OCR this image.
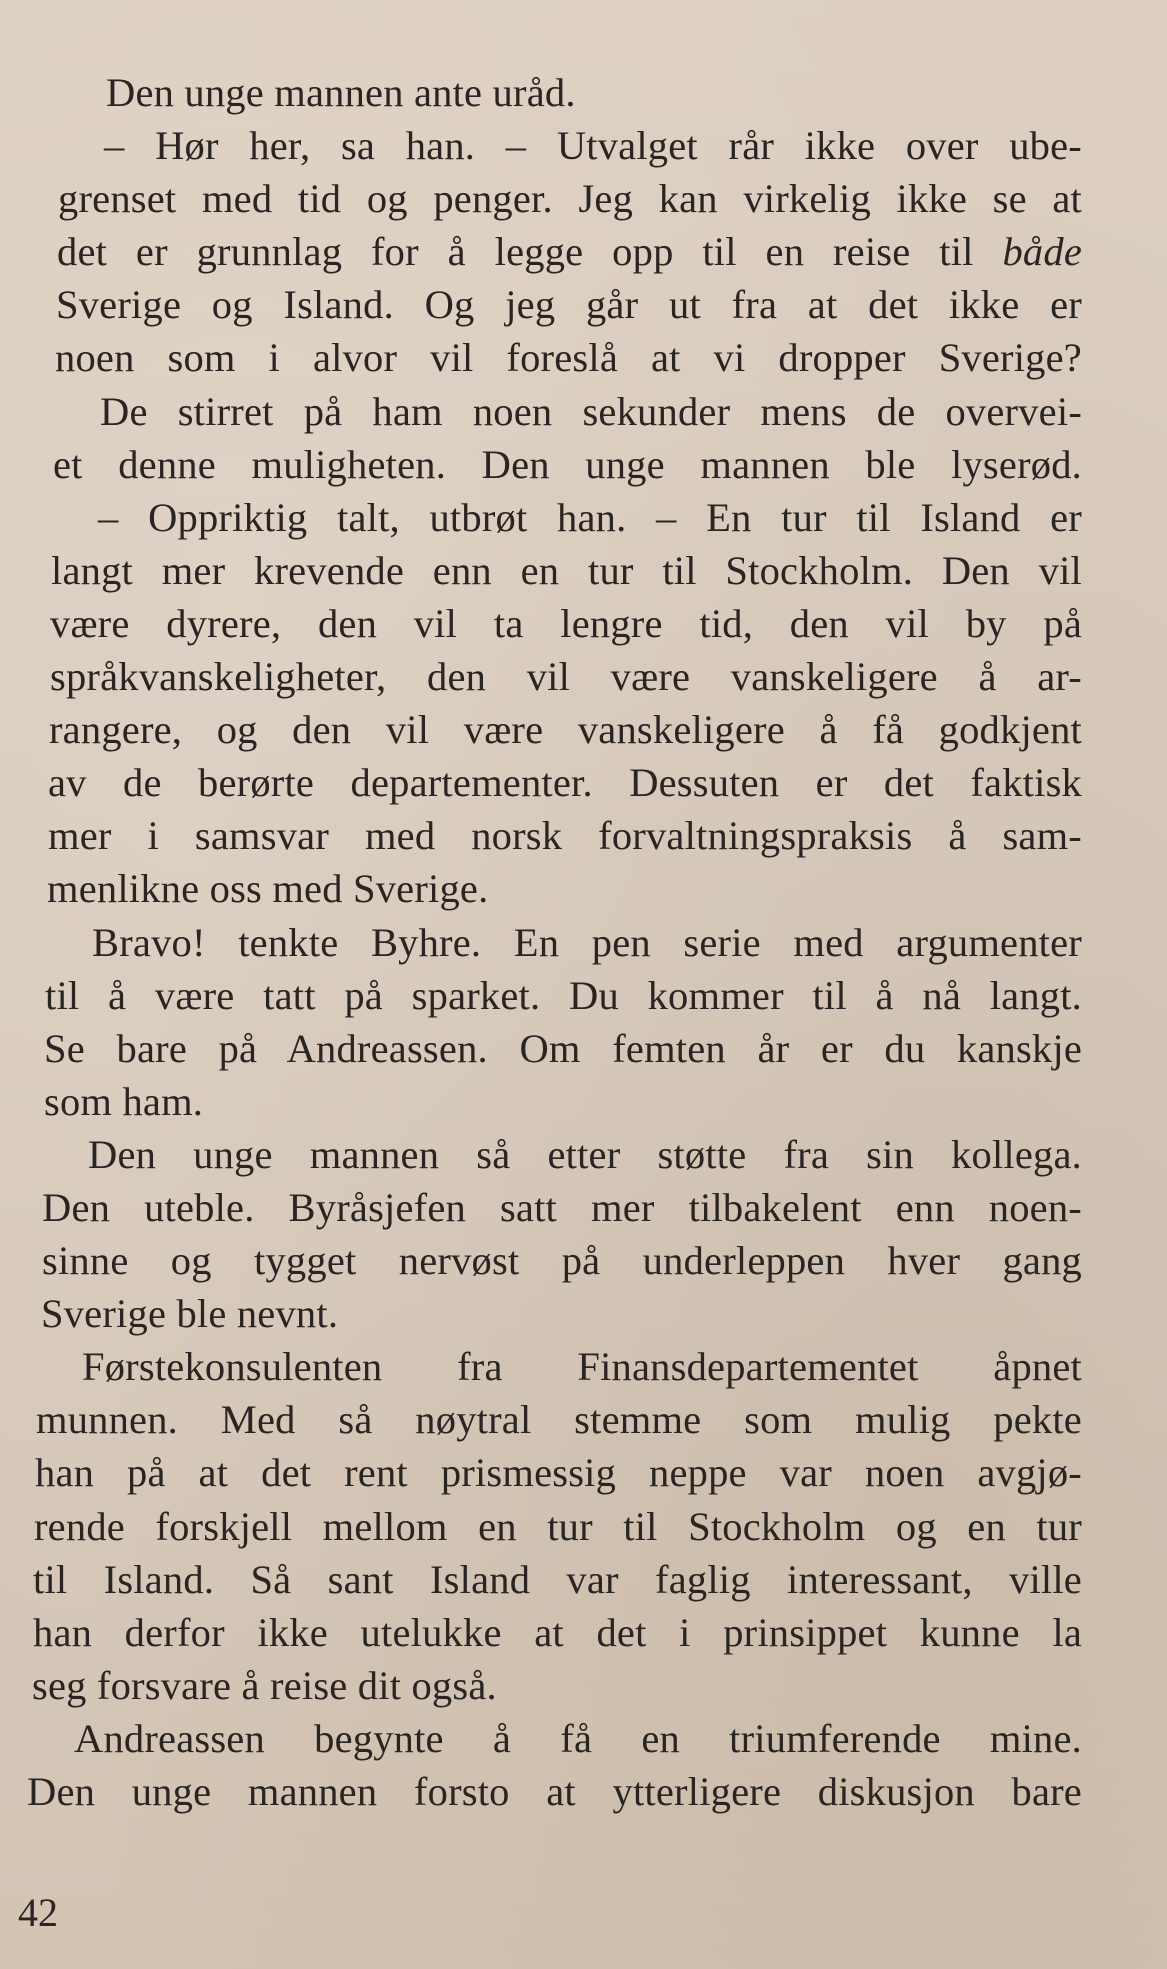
Den unge mannen ante uråd.
– Hør her, sa han. – Utvalget rår ikke over ube-
grenset med tid og penger. Jeg kan virkelig ikke se at
det er grunnlag for å legge opp til en reise til både
Sverige og Island. Og jeg går ut fra at det ikke er
noen som i alvor vil foreslå at vi dropper Sverige?
De stirret på ham noen sekunder mens de overvei-
et denne muligheten. Den unge mannen ble lyserød.
– Oppriktig talt, utbrøt han. – En tur til Island er
langt mer krevende enn en tur til Stockholm. Den vil
være dyrere, den vil ta lengre tid, den vil by på
språkvanskeligheter, den vil være vanskeligere å ar-
rangere, og den vil være vanskeligere å få godkjent
av de berørte departementer. Dessuten er det faktisk
mer i samsvar med norsk forvaltningspraksis å sam-
menlikne oss med Sverige.
Bravo! tenkte Byhre. En pen serie med argumenter
til å være tatt på sparket. Du kommer til å nå langt.
Se bare på Andreassen. Om femten år er du kanskje
som ham.
Den unge mannen så etter støtte fra sin kollega.
Den uteble. Byråsjefen satt mer tilbakelent enn noen-
sinne og tygget nervøst på underleppen hver gang
Sverige ble nevnt.
Førstekonsulenten fra Finansdepartementet åpnet
munnen. Med så nøytral stemme som mulig pekte
han på at det rent prismessig neppe var noen avgjø-
rende forskjell mellom en tur til Stockholm og en tur
til Island. Så sant Island var faglig interessant, ville
han derfor ikke utelukke at det i prinsippet kunne la
seg forsvare å reise dit også.
Andreassen begynte å få en triumferende mine.
Den unge mannen forsto at ytterligere diskusjon bare
42
